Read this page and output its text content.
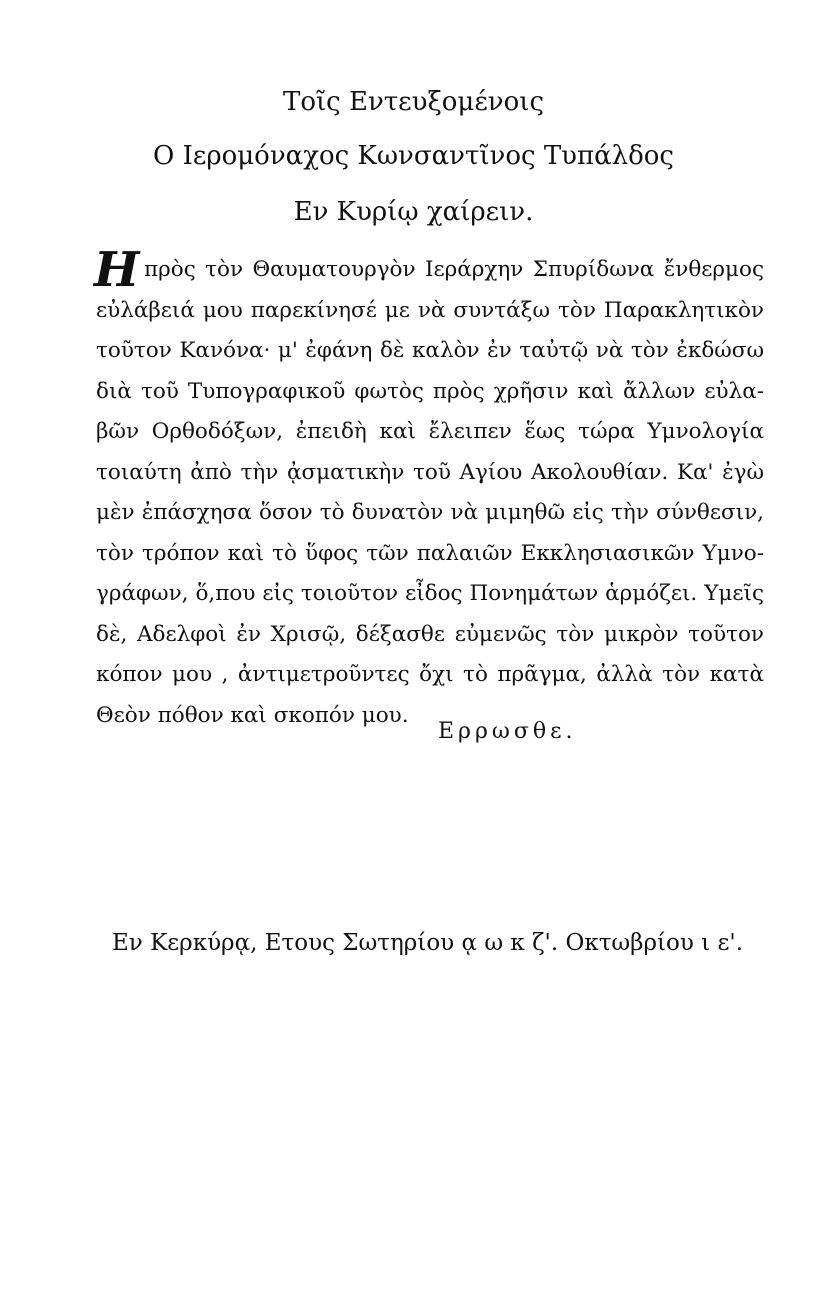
Τοῖς Εντευξομένοις
Ο Ιερομόναχος Κωνσαντῖνος Τυπάλδος
Εν Κυρίῳ χαίρειν.
Η πρὸς τὸν Θαυματουργὸν Ιεράρχην Σπυρίδωνα ἔνθερμος
εὐλάβειά μου παρεκίνησέ με νὰ συντάξω τὸν Παρακλητικὸν
τοῦτον Κανόνα· μ' ἐφάνη δὲ καλὸν ἐν ταὐτῷ νὰ τὸν ἐκδώσω
διὰ τοῦ Τυπογραφικοῦ φωτὸς πρὸς χρῆσιν καὶ ἄλλων εὐλα-
βῶν Ορθοδόξων, ἐπειδὴ καὶ ἔλειπεν ἕως τώρα Υμνολογία
τοιαύτη ἀπὸ τὴν ᾀσματικὴν τοῦ Αγίου Ακολουθίαν. Κα' ἐγὼ
μὲν ἐπάσχησα ὅσον τὸ δυνατὸν νὰ μιμηθῶ εἰς τὴν σύνθεσιν,
τὸν τρόπον καὶ τὸ ὕφος τῶν παλαιῶν Εκκλησιασικῶν Υμνο-
γράφων, ὅ,που εἰς τοιοῦτον εἶδος Πονημάτων ἁρμόζει. Υμεῖς
δὲ, Αδελφοὶ ἐν Χρισῷ, δέξασθε εὐμενῶς τὸν μικρὸν τοῦτον
κόπον μου , ἀντιμετροῦντες ὄχι τὸ πρᾶγμα, ἀλλὰ τὸν κατὰ
Θεὸν πόθον καὶ σκοπόν μου.
Ερρωσθε.
Εν Κερκύρᾳ, Ετους Σωτηρίου ᾳ ω κ ζ'. Οκτωβρίου ι ε'.
